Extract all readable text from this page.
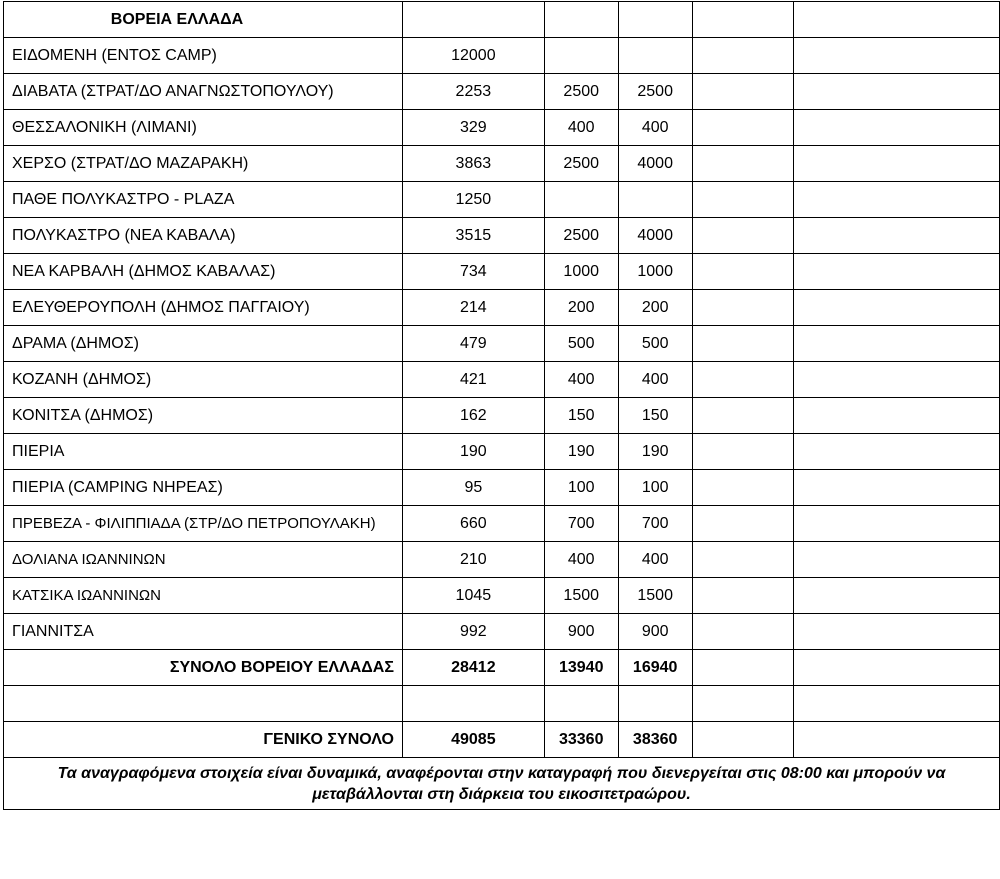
ΒΟΡΕΙΑ ΕΛΛΑΔΑ					
ΕΙΔΟΜΕΝΗ (ΕΝΤΟΣ CAMP)	12000				
ΔΙΑΒΑΤΑ (ΣΤΡΑΤ/ΔΟ ΑΝΑΓΝΩΣΤΟΠΟΥΛΟΥ)	2253	2500	2500		
ΘΕΣΣΑΛΟΝΙΚΗ (ΛΙΜΑΝΙ)	329	400	400		
ΧΕΡΣΟ (ΣΤΡΑΤ/ΔΟ ΜΑΖΑΡΑΚΗ)	3863	2500	4000		
ΠΑΘΕ ΠΟΛΥΚΑΣΤΡΟ - PLAZA	1250				
ΠΟΛΥΚΑΣΤΡΟ (ΝΕΑ ΚΑΒΑΛΑ)	3515	2500	4000		
ΝΕΑ ΚΑΡΒΑΛΗ (ΔΗΜΟΣ ΚΑΒΑΛΑΣ)	734	1000	1000		
ΕΛΕΥΘΕΡΟΥΠΟΛΗ (ΔΗΜΟΣ ΠΑΓΓΑΙΟΥ)	214	200	200		
ΔΡΑΜΑ (ΔΗΜΟΣ)	479	500	500		
ΚΟΖΑΝΗ (ΔΗΜΟΣ)	421	400	400		
ΚΟΝΙΤΣΑ (ΔΗΜΟΣ)	162	150	150		
ΠΙΕΡΙΑ	190	190	190		
ΠΙΕΡΙΑ (CAMPING ΝΗΡΕΑΣ)	95	100	100		
ΠΡΕΒΕΖΑ - ΦΙΛΙΠΠΙΑΔΑ (ΣΤΡ/ΔΟ ΠΕΤΡΟΠΟΥΛΑΚΗ)	660	700	700		
ΔΟΛΙΑΝΑ ΙΩΑΝΝΙΝΩΝ	210	400	400		
ΚΑΤΣΙΚΑ ΙΩΑΝΝΙΝΩΝ	1045	1500	1500		
ΓΙΑΝΝΙΤΣΑ	992	900	900		
ΣΥΝΟΛΟ ΒΟΡΕΙΟΥ ΕΛΛΑΔΑΣ	28412	13940	16940		

ΓΕΝΙΚΟ ΣΥΝΟΛΟ	49085	33360	38360		
Τα αναγραφόμενα στοιχεία είναι δυναμικά, αναφέρονται στην καταγραφή που διενεργείται στις 08:00 και μπορούν να μεταβάλλονται στη διάρκεια του εικοσιτετραώρου.					
